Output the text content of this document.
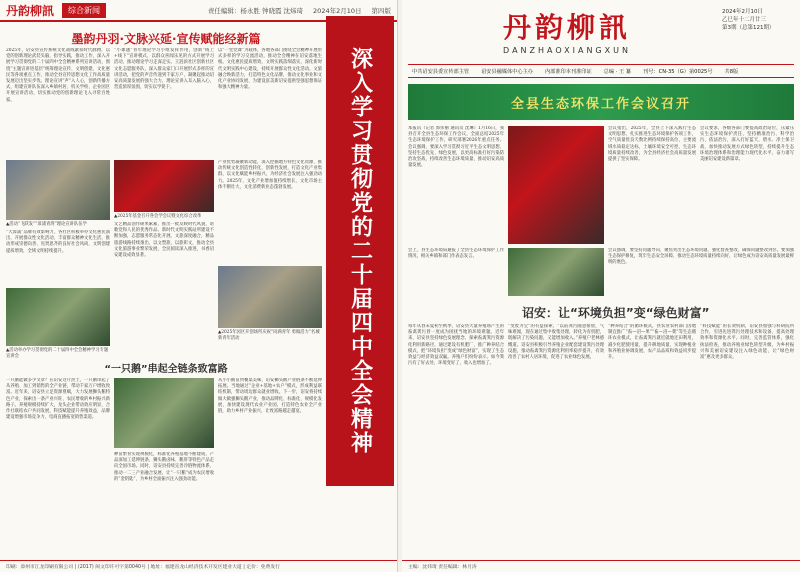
丹韵柳訊	综合新闻	责任编辑：杨永胜 钟晓霞 沈炜琦 2024年2月10日 第四版
墨韵丹羽·文脉兴延·宣传赋能经新篇
2025年，诏安县宣传系统文化战线紧扣时代脉搏，以党的创新理论武装头脑，指导实践，推动工作，深入开展学习贯彻党的二十届四中全会精神系列宣讲活动，围绕“主题宣讲进基层”统筹理论宣传、文明创建、文化惠民等各项重点工作，推动全县宣传思想文化工作高质量发展迈出坚实步伐。理论宣讲“声”入人心，创新传播方式，组建宣讲队伍深入乡镇村居、机关学校、企业园区开展宣讲活动，切实推动党的创新理论飞入寻常百姓家。
“小课题”青年理论学习小组发挥作用，创新“线上+线下”宣讲模式，以群众喜闻乐见的方式开展学习活动，推动理论学习走深走实。王涟滨社区创新社区文化志愿服务队，深入群众家门口开展形式多样的宣讲活动，把党的声音传递到千家万户，凝聚起推动诏安高质量发展的强大合力，理论宣讲入耳入脑入心，营造浓厚氛围，切实以学促干。
以“一堂党课”为载体，各地各部门围绕全会精神开展形式多样的学习交流活动，推动全会精神在诏安落地生根。文化惠民提质增效，文明实践落细落实，深化新时代文明实践中心建设，持续开展群众性文化活动。文旅融合焕新活力，打造特色文化品牌，推动文化事业和文化产业协同发展，为建设富美新诏安提供坚强思想保证和强大精神力量。
▲活动“飞跃发”“漳浦青湾”理论宣讲队伍学
“大漳浦”品牌有效影响力，各社区积极举办文化惠民演出，开展群众性文化活动，丰富群众精神文化生活，推动形成崇德向善、见贤思齐的良好社会风尚，文明创建提质增效，全域文明持续提升。
▲活动举办学习贯彻党的二十届四中全会精神学习专题宣讲会
▲2025年基金召开各会学会议暨文化综合改革
文艺精品创作硕果累累，推出一批反映时代风貌、讴歌党和人民的优秀作品。新时代文明实践站所建设不断加强，志愿服务常态化开展。文旅深度融合，精品旅游线路持续推出，以文塑旅、以旅彰文，推动全县文化旅游事业繁荣发展，全民阅读深入推进，书香诏安建设成效显著。
产业优势凝聚新动能，深入挖掘地方特色文化资源，推动传统文化创造性转化、创新性发展，打造文化产业集群，以文化赋能乡村振兴，为经济社会发展注入强劲动力。2025年，文化产业增加值持续增长，文化市场主体不断壮大，文化消费新业态蓬勃发展。
▲2025年园区开创场所庆祝“同满青年 勇做活力”名城新青年活动
“一只鹅”串起全链条致富路
一只鹅能做多少文章？在诏安这片热土，一只鹅串起了从养殖、加工到销售的全产业链，带动千家万户增收致富。近年来，诏安县立足资源禀赋，大力发展狮头鹅特色产业，探索出一条产业兴旺、农民增收的乡村振兴新路子。养殖规模持续扩大，龙头企业带动效应明显，合作社联结农户共同发展，科技赋能提升养殖效益，品牌建设增强市场竞争力，电商直播拓宽销售渠道。
种苗繁育实现规模化，标准化养殖基地不断建成，产品深加工延伸链条，狮头鹅卤味、鹅肝等特色产品走向全国市场。同时，诏安县持续完善冷链物流体系，推动一二三产业融合发展，让“一只鹅”成为农民增收的“金钥匙”，为乡村全面振兴注入强劲动能。
从小小鹅苗到餐桌美味，诏安狮头鹅产业链条不断延伸拓展。当地通过“企业+基地+农户”模式，形成利益联结机制，带动周边群众就业增收。下一步，诏安将持续做大做强狮头鹅产业，推动品牌化、标准化、规模化发展，加快建设现代农业产业园，打造特色农业全产业链，助力乡村产业振兴，让致富路越走越宽。	深入学习贯彻党的二十届四中全会精神
印刷：漳州市江龙印刷有限公司 | (2017) 闽文印许可字第0040号 | 地址：福建省龙山经济技术开发区建业大道 | 定价：免费发行
丹韵柳訊
DANZHAOXIANGXUN
2024年2月10日
乙巳年十二月廿三
第3期（总第121期）
中共诏安县委宣传部主管 诏安县融媒体中心主办 内部准印本刊准印证 总编 · 王 纂 刊号：CN-35（G）第0025号 共8版
全县生态环保工作会议召开
本报讯（记者 郭伟丽 通讯员 沈琳）1月16日，我县召开全县生态环保工作会议，全面总结2025年生态环境保护工作，研究部署2026年重点任务。会议强调，要深入学习贯彻习近平生态文明思想，坚持生态优先、绿色发展，以更高标准打好污染防治攻坚战，持续改善生态环境质量，推动诏安高质量发展。
会议指出，2025年，全县上下深入践行生态文明思想，扎实推进生态环境保护各项工作，空气质量优良天数比例持续保持高位，主要流域水质稳定达标，土壤环境安全可控，生态环境质量持续改善，为全县经济社会高质量发展提供了坚实保障。
会议要求，各级各部门要提高政治站位，压紧压实生态环境保护责任，坚持精准治污、科学治污、依法治污，深入打好蓝天、碧水、净土保卫战，加快推动发展方式绿色转型，持续提升生态环境治理体系和治理能力现代化水平，奋力谱写美丽诏安建设新篇章。
会上，县生态环境局通报了全县生态环境保护工作情况，相关乡镇和部门作表态发言。
会议强调，要坚持问题导向，聚焦突出生态环境问题，强化督查整改，确保问题整改到位。要加强生态保护修复，筑牢生态安全屏障，推动生态环境质量持续向好，让绿色成为诏安高质量发展最鲜明的底色。
诏安：让“环境负担”变“绿色财富”
每年从春末夏初至秋季，诏安县大量养殖场产生的畜禽粪污曾一度成为困扰当地的环境难题。近年来，诏安县坚持绿色发展理念，探索畜禽粪污资源化利用新路径，通过建设有机肥厂、推广种养结合模式，把“环境负担”变成“绿色财富”，实现了生态效益与经济效益双赢。养殖户们纷纷表示，如今粪污有了好去处，环境变好了，收入也增加了。
“变废为宝”的有益探索，“以前粪污随意排放，气味难闻，现在通过集中收集处理，转化为有机肥，既解决了污染问题，又能增加收入。”养殖户老林感慨道。诏安县积极引导养殖企业配套建设粪污处理设施，推动畜禽粪污资源化利用率稳步提升，有效改善了农村人居环境，促进了农业绿色发展。
“种养结合”的循环模式，县农业农村部门因地制宜推广“畜—沼—果”“畜—沼—菜”等生态循环农业模式，让畜禽粪污就近就地还田利用，减少化肥使用量，提升耕地质量，实现种植业和养殖业协调发展，农产品品质和效益同步提升。
“科技赋能”的长效机制，诏安县加强与科研院所合作，引进先进粪污处理技术和设备，提高处理效率和资源化水平。同时，完善监管体系，强化执法检查，推动养殖业绿色转型升级，为乡村振兴和美丽诏安建设注入绿色动能，让“绿色财富”惠及更多群众。
主编：沈炜琦 责任编辑：林月涛
